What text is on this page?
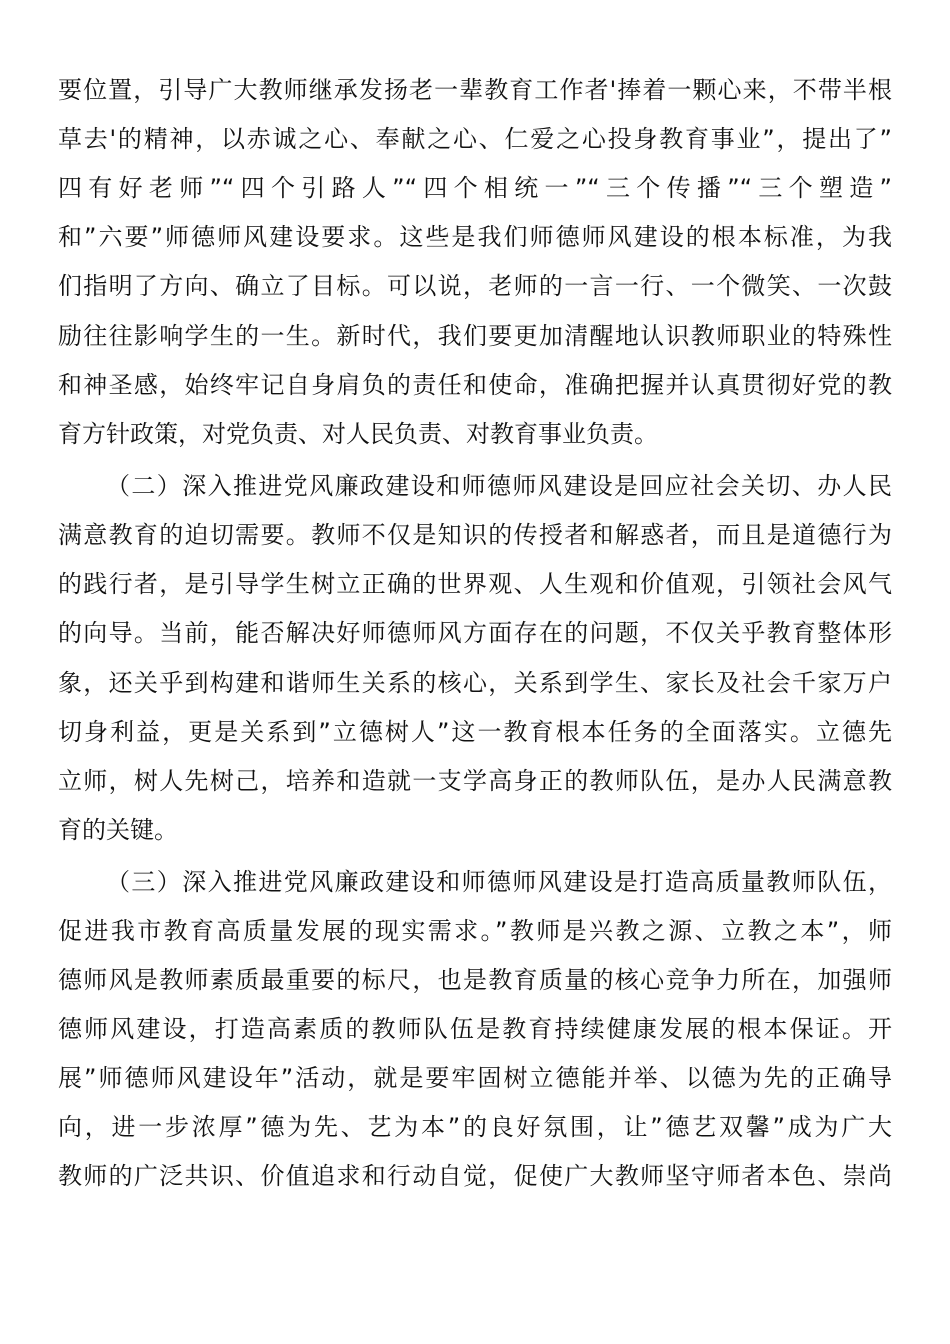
要位置，引导广大教师继承发扬老一辈教育工作者'捧着一颗心来，不带半根
草去'的精神，以赤诚之心、奉献之心、仁爱之心投身教育事业”，提出了”
四有好老师”“四个引路人”“四个相统一”“三个传播”“三个塑造”
和”六要”师德师风建设要求。这些是我们师德师风建设的根本标准，为我
们指明了方向、确立了目标。可以说，老师的一言一行、一个微笑、一次鼓
励往往影响学生的一生。新时代，我们要更加清醒地认识教师职业的特殊性
和神圣感，始终牢记自身肩负的责任和使命，准确把握并认真贯彻好党的教
育方针政策，对党负责、对人民负责、对教育事业负责。
（二）深入推进党风廉政建设和师德师风建设是回应社会关切、办人民
满意教育的迫切需要。教师不仅是知识的传授者和解惑者，而且是道德行为
的践行者，是引导学生树立正确的世界观、人生观和价值观，引领社会风气
的向导。当前，能否解决好师德师风方面存在的问题，不仅关乎教育整体形
象，还关乎到构建和谐师生关系的核心，关系到学生、家长及社会千家万户
切身利益，更是关系到”立德树人”这一教育根本任务的全面落实。立德先
立师，树人先树己，培养和造就一支学高身正的教师队伍，是办人民满意教
育的关键。
（三）深入推进党风廉政建设和师德师风建设是打造高质量教师队伍，
促进我市教育高质量发展的现实需求。”教师是兴教之源、立教之本”，师
德师风是教师素质最重要的标尺，也是教育质量的核心竞争力所在，加强师
德师风建设，打造高素质的教师队伍是教育持续健康发展的根本保证。开
展”师德师风建设年”活动，就是要牢固树立德能并举、以德为先的正确导
向，进一步浓厚”德为先、艺为本”的良好氛围，让”德艺双馨”成为广大
教师的广泛共识、价值追求和行动自觉，促使广大教师坚守师者本色、崇尚
